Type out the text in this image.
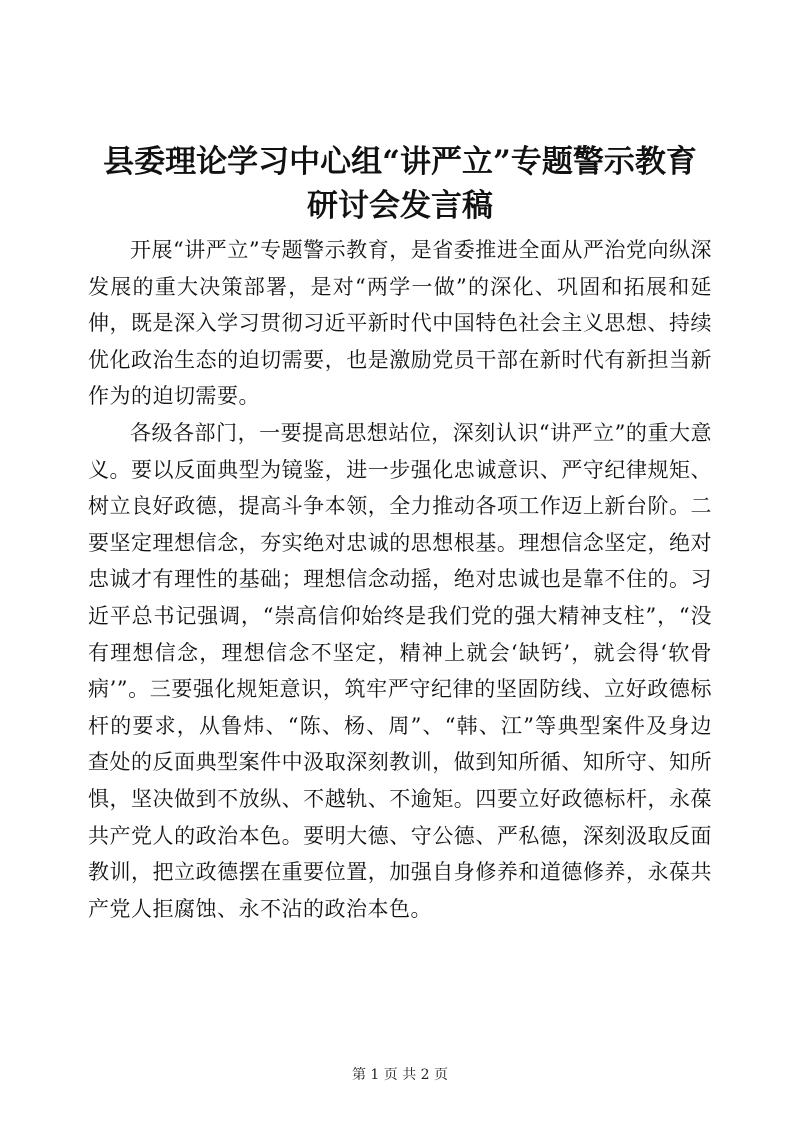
县委理论学习中心组“讲严立”专题警示教育
研讨会发言稿

开展“讲严立”专题警示教育，是省委推进全面从严治党向纵深发展的重大决策部署，是对“两学一做”的深化、巩固和拓展和延伸，既是深入学习贯彻习近平新时代中国特色社会主义思想、持续优化政治生态的迫切需要，也是激励党员干部在新时代有新担当新作为的迫切需要。

各级各部门，一要提高思想站位，深刻认识“讲严立”的重大意义。要以反面典型为镜鉴，进一步强化忠诚意识、严守纪律规矩、树立良好政德，提高斗争本领，全力推动各项工作迈上新台阶。二要坚定理想信念，夯实绝对忠诚的思想根基。理想信念坚定，绝对忠诚才有理性的基础；理想信念动摇，绝对忠诚也是靠不住的。习近平总书记强调，“崇高信仰始终是我们党的强大精神支柱”，“没有理想信念，理想信念不坚定，精神上就会‘缺钙’，就会得‘软骨病’”。三要强化规矩意识，筑牢严守纪律的坚固防线、立好政德标杆的要求，从鲁炜、“陈、杨、周”、“韩、江”等典型案件及身边查处的反面典型案件中汲取深刻教训，做到知所循、知所守、知所惧，坚决做到不放纵、不越轨、不逾矩。四要立好政德标杆，永葆共产党人的政治本色。要明大德、守公德、严私德，深刻汲取反面教训，把立政德摆在重要位置，加强自身修养和道德修养，永葆共产党人拒腐蚀、永不沾的政治本色。

第 1 页 共 2 页
